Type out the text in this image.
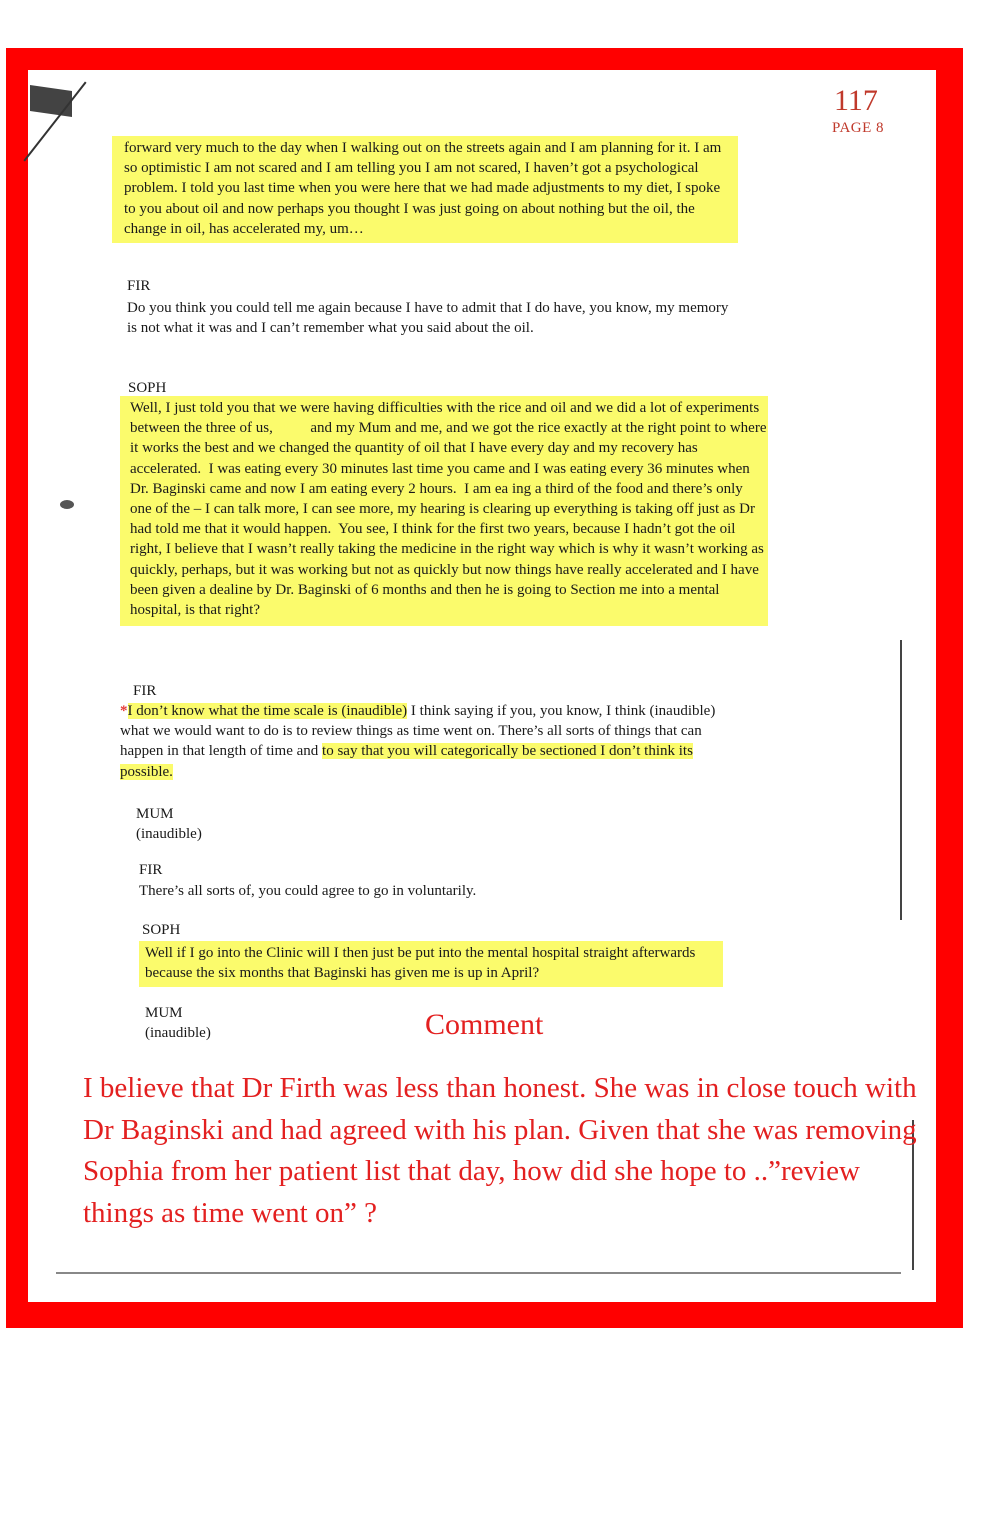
117
PAGE 8
forward very much to the day when I walking out on the streets again and I am planning for it. I am so optimistic I am not scared and I am telling you I am not scared, I haven’t got a psychological problem. I told you last time when you were here that we had made adjustments to my diet, I spoke to you about oil and now perhaps you thought I was just going on about nothing but the oil, the change in oil, has accelerated my, um…
FIR
Do you think you could tell me again because I have to admit that I do have, you know, my memory is not what it was and I can’t remember what you said about the oil.
SOPH
Well, I just told you that we were having difficulties with the rice and oil and we did a lot of experiments between the three of us,          and my Mum and me, and we got the rice exactly at the right point to where it works the best and we changed the quantity of oil that I have every day and my recovery has accelerated.  I was eating every 30 minutes last time you came and I was eating every 36 minutes when Dr. Baginski came and now I am eating every 2 hours.  I am ea ing a third of the food and there’s only one of the – I can talk more, I can see more, my hearing is clearing up everything is taking off just as Dr                had told me that it would happen.  You see, I think for the first two years, because I hadn’t got the oil right, I believe that I wasn’t really taking the medicine in the right way which is why it wasn’t working as quickly, perhaps, but it was working but not as quickly but now things have really accelerated and I have been given a dealine by Dr. Baginski of 6 months and then he is going to Section me into a mental hospital, is that right?
FIR
*I don’t know what the time scale is (inaudible) I think saying if you, you know, I think (inaudible) what we would want to do is to review things as time went on. There’s all sorts of things that can happen in that length of time and to say that you will categorically be sectioned I don’t think its possible.
MUM
(inaudible)
FIR
There’s all sorts of, you could agree to go in voluntarily.
SOPH
Well if I go into the Clinic will I then just be put into the mental hospital straight afterwards because the six months that Baginski has given me is up in April?
MUM
(inaudible)	Comment
I believe that Dr Firth was less than honest. She was in close touch with Dr Baginski and had agreed with his plan. Given that she was removing Sophia from her patient list that day, how did she hope to ..”review things as time went on” ?
